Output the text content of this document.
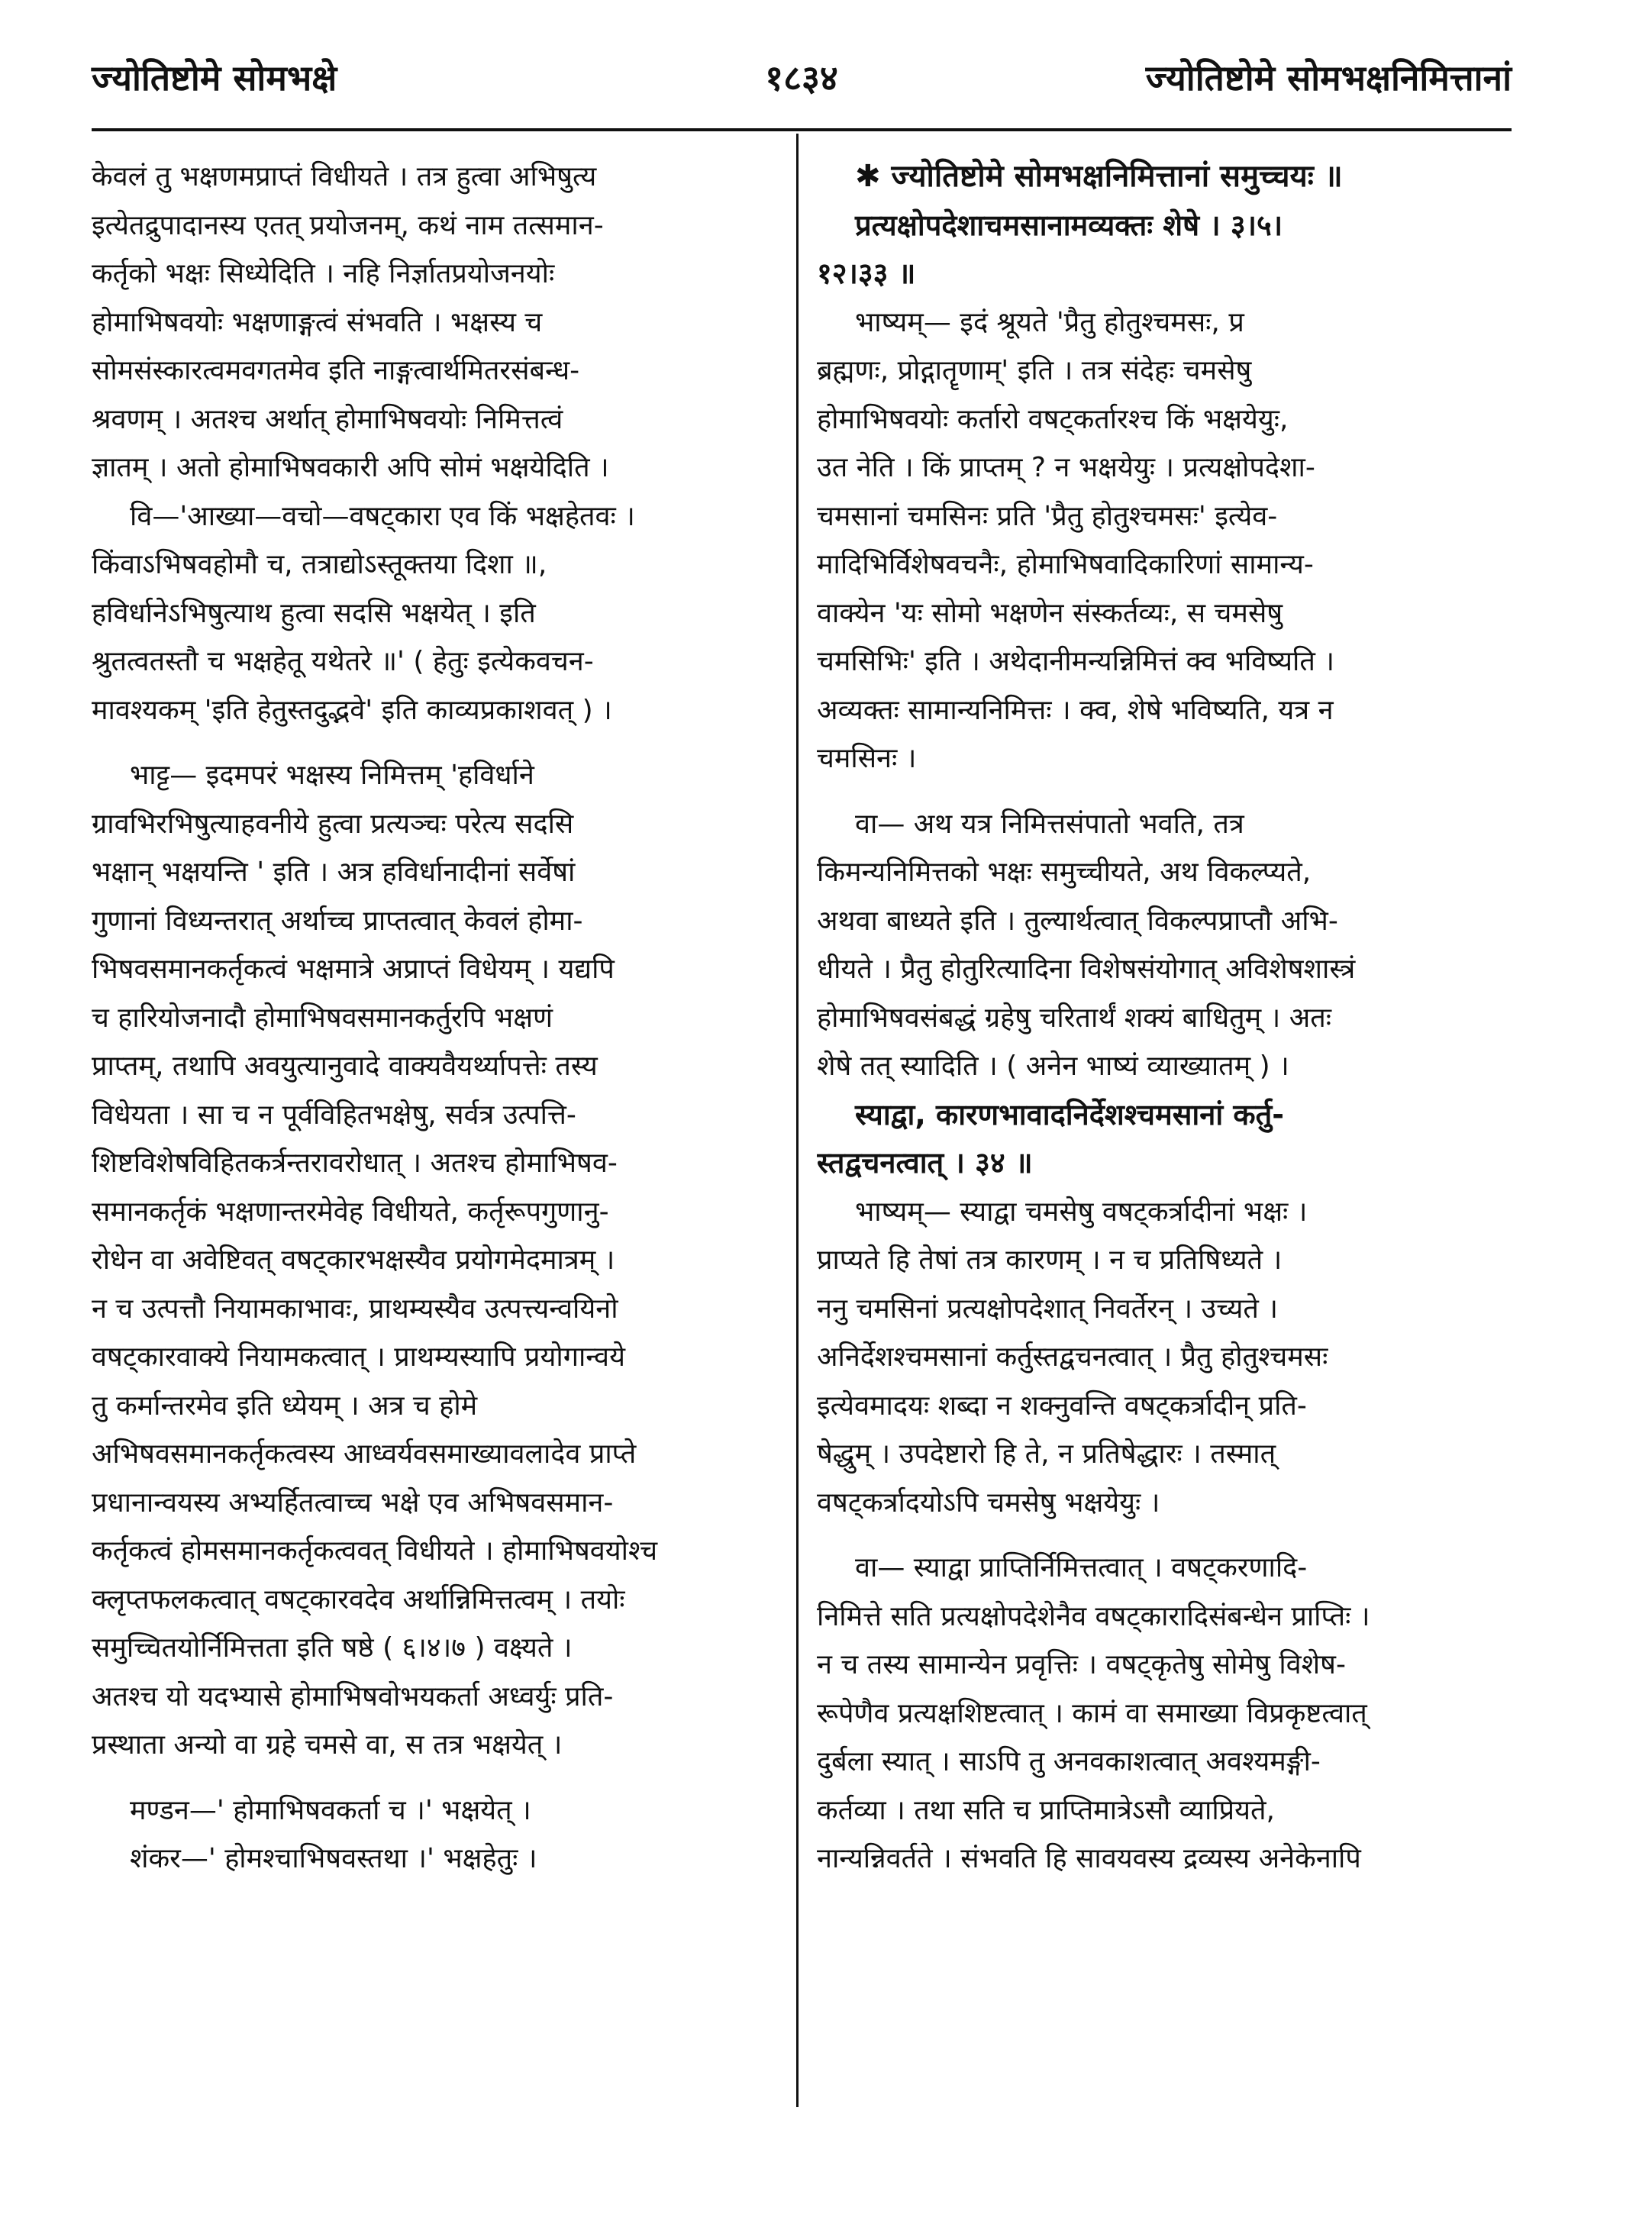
ज्योतिष्टोमे सोमभक्षे	१८३४	ज्योतिष्टोमे सोमभक्षनिमित्तानां
केवलं तु भक्षणमप्राप्तं विधीयते । तत्र हुत्वा अभिषुत्य
इत्येतद्रुपादानस्य एतत् प्रयोजनम्, कथं नाम तत्समान-
कर्तृको भक्षः सिध्येदिति । नहि निर्ज्ञातप्रयोजनयोः
होमाभिषवयोः भक्षणाङ्गत्वं संभवति । भक्षस्य च
सोमसंस्कारत्वमवगतमेव इति नाङ्गत्वार्थमितरसंबन्ध-
श्रवणम् । अतश्च अर्थात् होमाभिषवयोः निमित्तत्वं
ज्ञातम् । अतो होमाभिषवकारी अपि सोमं भक्षयेदिति ।
वि—'आख्या—वचो—वषट्कारा एव किं भक्षहेतवः ।
किंवाऽभिषवहोमौ च, तत्राद्योऽस्तूक्तया दिशा ॥,
हविर्धानेऽभिषुत्याथ हुत्वा सदसि भक्षयेत् । इति
श्रुतत्वतस्तौ च भक्षहेतू यथेतरे ॥' ( हेतुः इत्येकवचन-
मावश्यकम् 'इति हेतुस्तदुद्भवे' इति काव्यप्रकाशवत् ) ।
भाट्ट— इदमपरं भक्षस्य निमित्तम् 'हविर्धाने
ग्रावभिरभिषुत्याहवनीये हुत्वा प्रत्यञ्चः परेत्य सदसि
भक्षान् भक्षयन्ति ' इति । अत्र हविर्धानादीनां सर्वेषां
गुणानां विध्यन्तरात् अर्थाच्च प्राप्तत्वात् केवलं होमा-
भिषवसमानकर्तृकत्वं भक्षमात्रे अप्राप्तं विधेयम् । यद्यपि
च हारियोजनादौ होमाभिषवसमानकर्तुरपि भक्षणं
प्राप्तम्, तथापि अवयुत्यानुवादे वाक्यवैयर्थ्यापत्तेः तस्य
विधेयता । सा च न पूर्वविहितभक्षेषु, सर्वत्र उत्पत्ति-
शिष्टविशेषविहितकर्त्रन्तरावरोधात् । अतश्च होमाभिषव-
समानकर्तृकं भक्षणान्तरमेवेह विधीयते, कर्तृरूपगुणानु-
रोधेन वा अवेष्टिवत् वषट्कारभक्षस्यैव प्रयोगमेदमात्रम् ।
न च उत्पत्तौ नियामकाभावः, प्राथम्यस्यैव उत्पत्त्यन्वयिनो
वषट्कारवाक्ये नियामकत्वात् । प्राथम्यस्यापि प्रयोगान्वये
तु कर्मान्तरमेव इति ध्येयम् । अत्र च होमे
अभिषवसमानकर्तृकत्वस्य आध्वर्यवसमाख्यावलादेव प्राप्ते
प्रधानान्वयस्य अभ्यर्हितत्वाच्च भक्षे एव अभिषवसमान-
कर्तृकत्वं होमसमानकर्तृकत्ववत् विधीयते । होमाभिषवयोश्च
क्लृप्तफलकत्वात् वषट्कारवदेव अर्थान्निमित्तत्वम् । तयोः
समुच्चितयोर्निमित्तता इति षष्ठे ( ६।४।७ ) वक्ष्यते ।
अतश्च यो यदभ्यासे होमाभिषवोभयकर्ता अध्वर्युः प्रति-
प्रस्थाता अन्यो वा ग्रहे चमसे वा, स तत्र भक्षयेत् ।
मण्डन—' होमाभिषवकर्ता च ।' भक्षयेत् ।
शंकर—' होमश्चाभिषवस्तथा ।' भक्षहेतुः ।
✱ ज्योतिष्टोमे सोमभक्षनिमित्तानां समुच्चयः ॥
प्रत्यक्षोपदेशाचमसानामव्यक्तः शेषे । ३।५।
१२।३३ ॥
भाष्यम्— इदं श्रूयते 'प्रैतु होतुश्चमसः, प्र
ब्रह्मणः, प्रोद्गातॄणाम्' इति । तत्र संदेहः चमसेषु
होमाभिषवयोः कर्तारो वषट्कर्तारश्च किं भक्षयेयुः,
उत नेति । किं प्राप्तम् ? न भक्षयेयुः । प्रत्यक्षोपदेशा-
चमसानां चमसिनः प्रति 'प्रैतु होतुश्चमसः' इत्येव-
मादिभिर्विशेषवचनैः, होमाभिषवादिकारिणां सामान्य-
वाक्येन 'यः सोमो भक्षणेन संस्कर्तव्यः, स चमसेषु
चमसिभिः' इति । अथेदानीमन्यन्निमित्तं क्व भविष्यति ।
अव्यक्तः सामान्यनिमित्तः । क्व, शेषे भविष्यति, यत्र न
चमसिनः ।
वा— अथ यत्र निमित्तसंपातो भवति, तत्र
किमन्यनिमित्तको भक्षः समुच्चीयते, अथ विकल्प्यते,
अथवा बाध्यते इति । तुल्यार्थत्वात् विकल्पप्राप्तौ अभि-
धीयते । प्रैतु होतुरित्यादिना विशेषसंयोगात् अविशेषशास्त्रं
होमाभिषवसंबद्धं ग्रहेषु चरितार्थं शक्यं बाधितुम् । अतः
शेषे तत् स्यादिति । ( अनेन भाष्यं व्याख्यातम् ) ।
स्याद्वा, कारणभावादनिर्देशश्चमसानां कर्तु-
स्तद्वचनत्वात् । ३४ ॥
भाष्यम्— स्याद्वा चमसेषु वषट्कर्त्रादीनां भक्षः ।
प्राप्यते हि तेषां तत्र कारणम् । न च प्रतिषिध्यते ।
ननु चमसिनां प्रत्यक्षोपदेशात् निवर्तेरन् । उच्यते ।
अनिर्देशश्चमसानां कर्तुस्तद्वचनत्वात् । प्रैतु होतुश्चमसः
इत्येवमादयः शब्दा न शक्नुवन्ति वषट्कर्त्रादीन् प्रति-
षेद्धुम् । उपदेष्टारो हि ते, न प्रतिषेद्धारः । तस्मात्
वषट्कर्त्रादयोऽपि चमसेषु भक्षयेयुः ।
वा— स्याद्वा प्राप्तिर्निमित्तत्वात् । वषट्करणादि-
निमित्ते सति प्रत्यक्षोपदेशेनैव वषट्कारादिसंबन्धेन प्राप्तिः ।
न च तस्य सामान्येन प्रवृत्तिः । वषट्कृतेषु सोमेषु विशेष-
रूपेणैव प्रत्यक्षशिष्टत्वात् । कामं वा समाख्या विप्रकृष्टत्वात्
दुर्बला स्यात् । साऽपि तु अनवकाशत्वात् अवश्यमङ्गी-
कर्तव्या । तथा सति च प्राप्तिमात्रेऽसौ व्याप्रियते,
नान्यन्निवर्तते । संभवति हि सावयवस्य द्रव्यस्य अनेकेनापि
